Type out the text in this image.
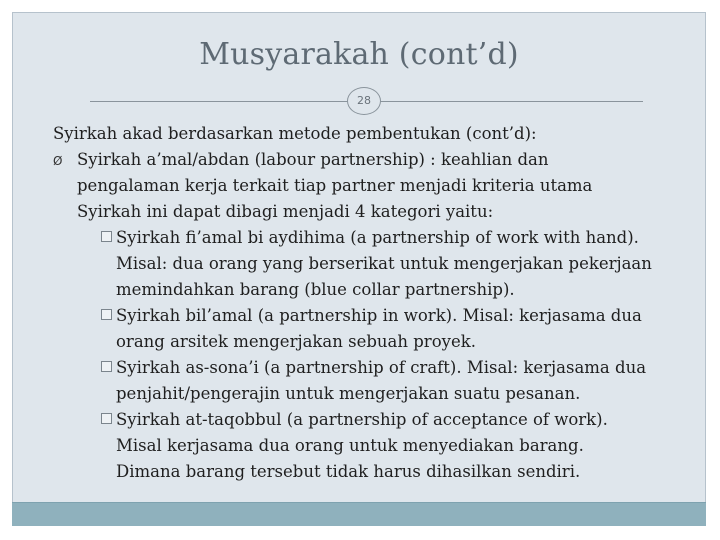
Musyarakah (cont’d)
28
Syirkah akad berdasarkan metode pembentukan (cont’d):
Ø Syirkah a’mal/abdan (labour partnership) : keahlian dan
pengalaman kerja terkait tiap partner menjadi kriteria utama
Syirkah ini dapat dibagi menjadi 4 kategori yaitu:
Syirkah fi’amal bi aydihima (a partnership of work with hand).
Misal: dua orang yang berserikat untuk mengerjakan pekerjaan
memindahkan barang (blue collar partnership).
Syirkah bil’amal (a partnership in work). Misal: kerjasama dua
orang arsitek mengerjakan sebuah proyek.
Syirkah as-sona’i (a partnership of craft). Misal: kerjasama dua
penjahit/pengerajin untuk mengerjakan suatu pesanan.
Syirkah at-taqobbul (a partnership of acceptance of work).
Misal kerjasama dua orang untuk menyediakan barang.
Dimana barang tersebut tidak harus dihasilkan sendiri.
